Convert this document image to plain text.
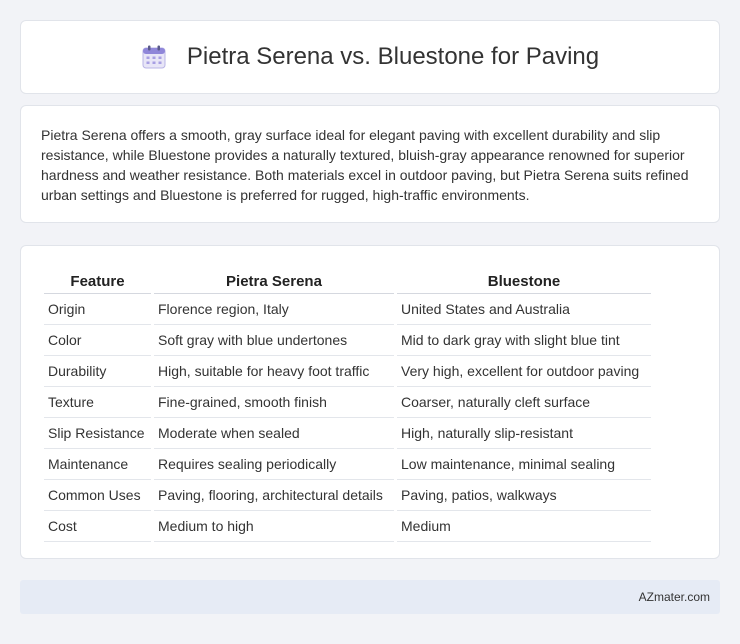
Pietra Serena vs. Bluestone for Paving

Pietra Serena offers a smooth, gray surface ideal for elegant paving with excellent durability and slip resistance, while Bluestone provides a naturally textured, bluish-gray appearance renowned for superior hardness and weather resistance. Both materials excel in outdoor paving, but Pietra Serena suits refined urban settings and Bluestone is preferred for rugged, high-traffic environments.

Feature	Pietra Serena	Bluestone
Origin	Florence region, Italy	United States and Australia
Color	Soft gray with blue undertones	Mid to dark gray with slight blue tint
Durability	High, suitable for heavy foot traffic	Very high, excellent for outdoor paving
Texture	Fine-grained, smooth finish	Coarser, naturally cleft surface
Slip Resistance	Moderate when sealed	High, naturally slip-resistant
Maintenance	Requires sealing periodically	Low maintenance, minimal sealing
Common Uses	Paving, flooring, architectural details	Paving, patios, walkways
Cost	Medium to high	Medium
AZmater.com
